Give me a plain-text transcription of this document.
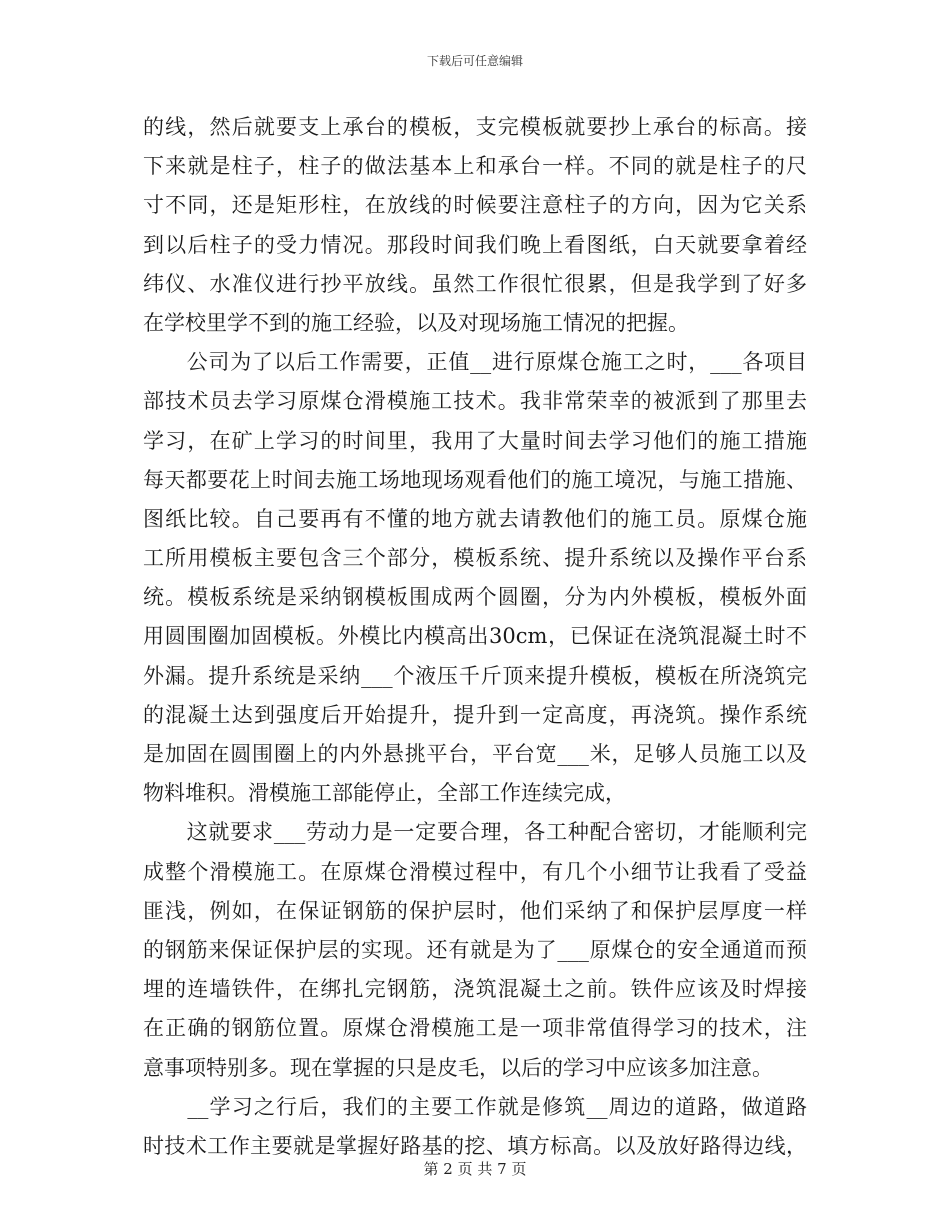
下载后可任意编辑
的线，然后就要支上承台的模板，支完模板就要抄上承台的标高。接
下来就是柱子，柱子的做法基本上和承台一样。不同的就是柱子的尺
寸不同，还是矩形柱，在放线的时候要注意柱子的方向，因为它关系
到以后柱子的受力情况。那段时间我们晚上看图纸，白天就要拿着经
纬仪、水准仪进行抄平放线。虽然工作很忙很累，但是我学到了好多
在学校里学不到的施工经验，以及对现场施工情况的把握。
　　公司为了以后工作需要，正值__进行原煤仓施工之时，___各项目
部技术员去学习原煤仓滑模施工技术。我非常荣幸的被派到了那里去
学习，在矿上学习的时间里，我用了大量时间去学习他们的施工措施
每天都要花上时间去施工场地现场观看他们的施工境况，与施工措施、
图纸比较。自己要再有不懂的地方就去请教他们的施工员。原煤仓施
工所用模板主要包含三个部分，模板系统、提升系统以及操作平台系
统。模板系统是采纳钢模板围成两个圆圈，分为内外模板，模板外面
用圆围圈加固模板。外模比内模高出30cm，已保证在浇筑混凝土时不
外漏。提升系统是采纳___个液压千斤顶来提升模板，模板在所浇筑完
的混凝土达到强度后开始提升，提升到一定高度，再浇筑。操作系统
是加固在圆围圈上的内外悬挑平台，平台宽___米，足够人员施工以及
物料堆积。滑模施工部能停止，全部工作连续完成，
　　这就要求___劳动力是一定要合理，各工种配合密切，才能顺利完
成整个滑模施工。在原煤仓滑模过程中，有几个小细节让我看了受益
匪浅，例如，在保证钢筋的保护层时，他们采纳了和保护层厚度一样
的钢筋来保证保护层的实现。还有就是为了___原煤仓的安全通道而预
埋的连墙铁件，在绑扎完钢筋，浇筑混凝土之前。铁件应该及时焊接
在正确的钢筋位置。原煤仓滑模施工是一项非常值得学习的技术，注
意事项特别多。现在掌握的只是皮毛，以后的学习中应该多加注意。
　　__学习之行后，我们的主要工作就是修筑__周边的道路，做道路
时技术工作主要就是掌握好路基的挖、填方标高。以及放好路得边线，
第 2 页 共 7 页
